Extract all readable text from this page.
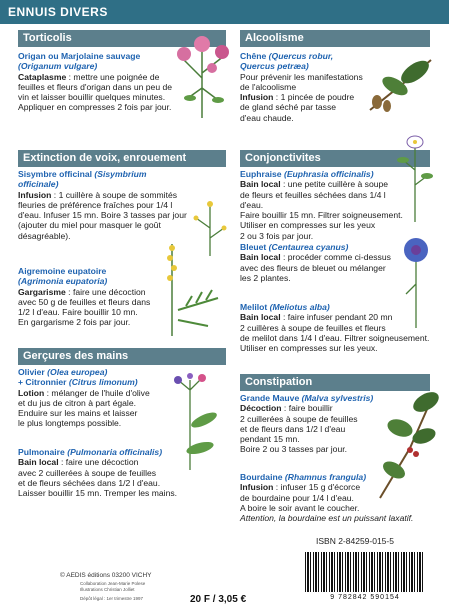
ENNUIS DIVERS
Torticolis
Origan ou Marjolaine sauvage
(Origanum vulgare)
Cataplasme : mettre une poignée de
feuilles et fleurs d'origan dans un peu de
vin et laisser bouillir quelques minutes.
Appliquer en compresses 2 fois par jour.
Alcoolisme
Chêne (Quercus robur,
Quercus petræa)
Pour prévenir les manifestations
de l'alcoolisme
Infusion : 1 pincée de poudre
de gland séché par tasse
d'eau chaude.
Extinction de voix, enrouement
Sisymbre officinal (Sisymbrium
officinale)
Infusion : 1 cuillère à soupe de sommités
fleuries de préférence fraîches pour 1/4 l
d'eau. Infuser 15 mn. Boire 3 tasses par jour
(ajouter du miel pour masquer le goût
désagréable).
Aigremoine eupatoire
(Agrimonia eupatoria)
Gargarisme : faire une décoction
avec 50 g de feuilles et fleurs dans
1/2 l d'eau. Faire bouillir 10 mn.
En gargarisme 2 fois par jour.
Conjonctivites
Euphraise (Euphrasia officinalis)
Bain local : une petite cuillère à soupe
de fleurs et feuilles séchées dans 1/4 l d'eau.
Faire bouillir 15 mn. Filtrer soigneusement.
Utiliser en compresses sur les yeux
2 ou 3 fois par jour.
Bleuet (Centaurea cyanus)
Bain local : procéder comme ci-dessus
avec des fleurs de bleuet ou mélanger
les 2 plantes.
Melilot (Meliotus alba)
Bain local : faire infuser pendant 20 mn
2 cuillères à soupe de feuilles et fleurs
de melilot dans 1/4 l d'eau. Filtrer soigneusement.
Utiliser en compresses sur les yeux.
Gerçures des mains
Olivier (Olea europea)
+ Citronnier (Citrus limonum)
Lotion : mélanger de l'huile d'olive
et du jus de citron à part égale.
Enduire sur les mains et laisser
le plus longtemps possible.
Pulmonaire (Pulmonaria officinalis)
Bain local : faire une décoction
avec 2 cuillerées à soupe de feuilles
et de fleurs séchées dans 1/2 l d'eau.
Laisser bouillir 15 mn. Tremper les mains.
Constipation
Grande Mauve (Malva sylvestris)
Décoction : faire bouillir
2 cuillerées à soupe de feuilles
et de fleurs dans 1/2 l d'eau
pendant 15 mn.
Boire 2 ou 3 tasses par jour.
Bourdaine (Rhamnus frangula)
Infusion : infuser 15 g d'écorce
de bourdaine pour 1/4 l d'eau.
A boire le soir avant le coucher.
Attention, la bourdaine est un puissant laxatif.
ISBN 2-84259-015-5
9 782842 590154
© AEDIS éditions 03200 VICHY
Collaboration Jean-Marie Polese
Illustrations Christian Jolliet
Dépôt légal : 1er trimestre 1997	20 F / 3,05 €
